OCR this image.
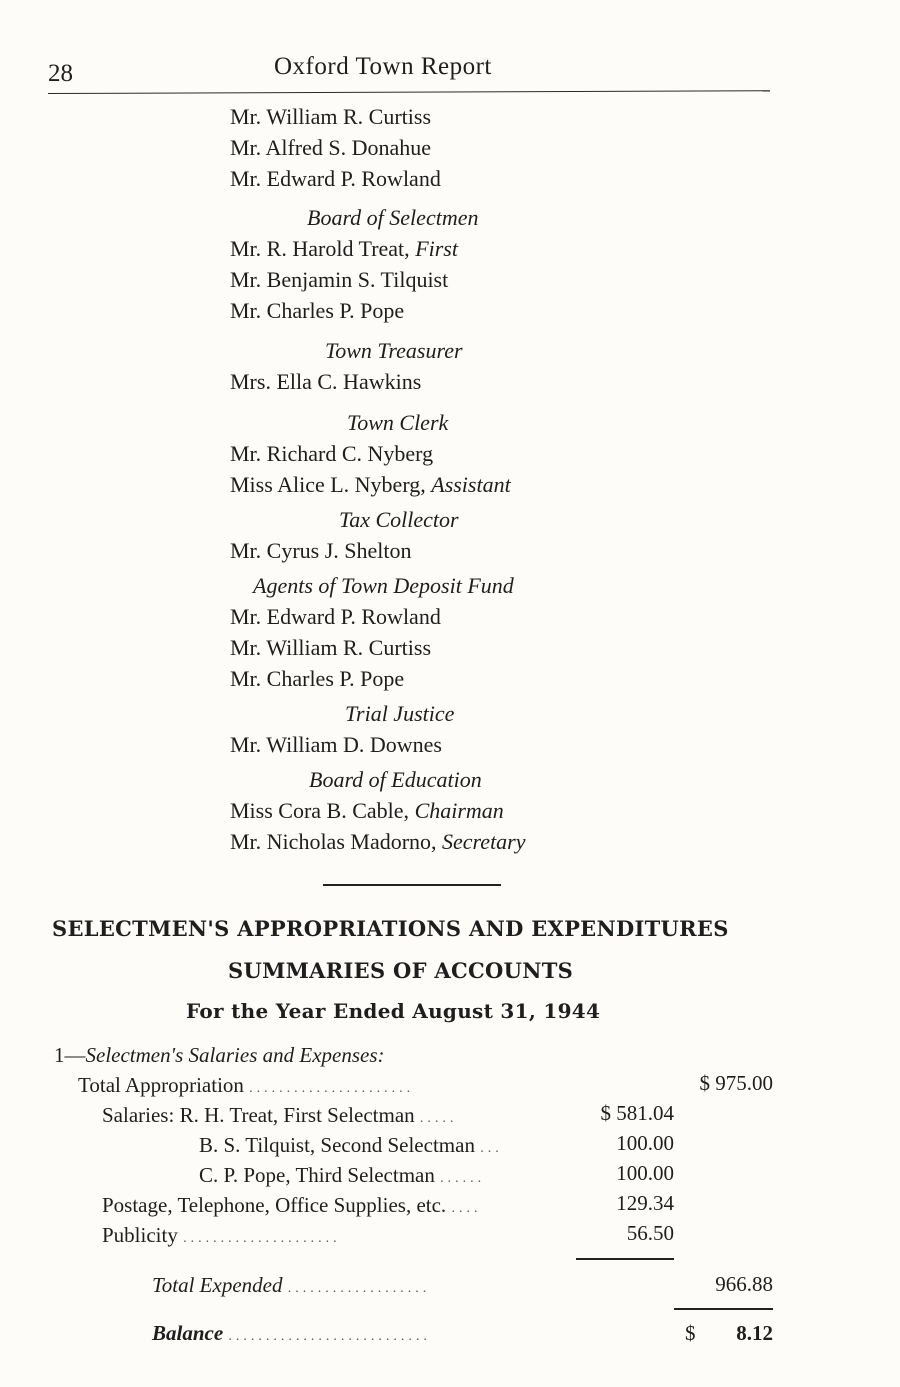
28	Oxford Town Report
Mr. William R. Curtiss
Mr. Alfred S. Donahue
Mr. Edward P. Rowland
Board of Selectmen
Mr. R. Harold Treat, First
Mr. Benjamin S. Tilquist
Mr. Charles P. Pope
Town Treasurer
Mrs. Ella C. Hawkins
Town Clerk
Mr. Richard C. Nyberg
Miss Alice L. Nyberg, Assistant
Tax Collector
Mr. Cyrus J. Shelton
Agents of Town Deposit Fund
Mr. Edward P. Rowland
Mr. William R. Curtiss
Mr. Charles P. Pope
Trial Justice
Mr. William D. Downes
Board of Education
Miss Cora B. Cable, Chairman
Mr. Nicholas Madorno, Secretary
SELECTMEN'S APPROPRIATIONS AND EXPENDITURES
SUMMARIES OF ACCOUNTS
For the Year Ended August 31, 1944
1—Selectmen's Salaries and Expenses:
Total Appropriation ......................	$ 975.00
Salaries: R. H. Treat, First Selectman .....	$ 581.04
B. S. Tilquist, Second Selectman ...	100.00
C. P. Pope, Third Selectman ......	100.00
Postage, Telephone, Office Supplies, etc. ....	129.34
Publicity .....................	56.50
Total Expended ...................	966.88
Balance ...........................	$ 8.12
